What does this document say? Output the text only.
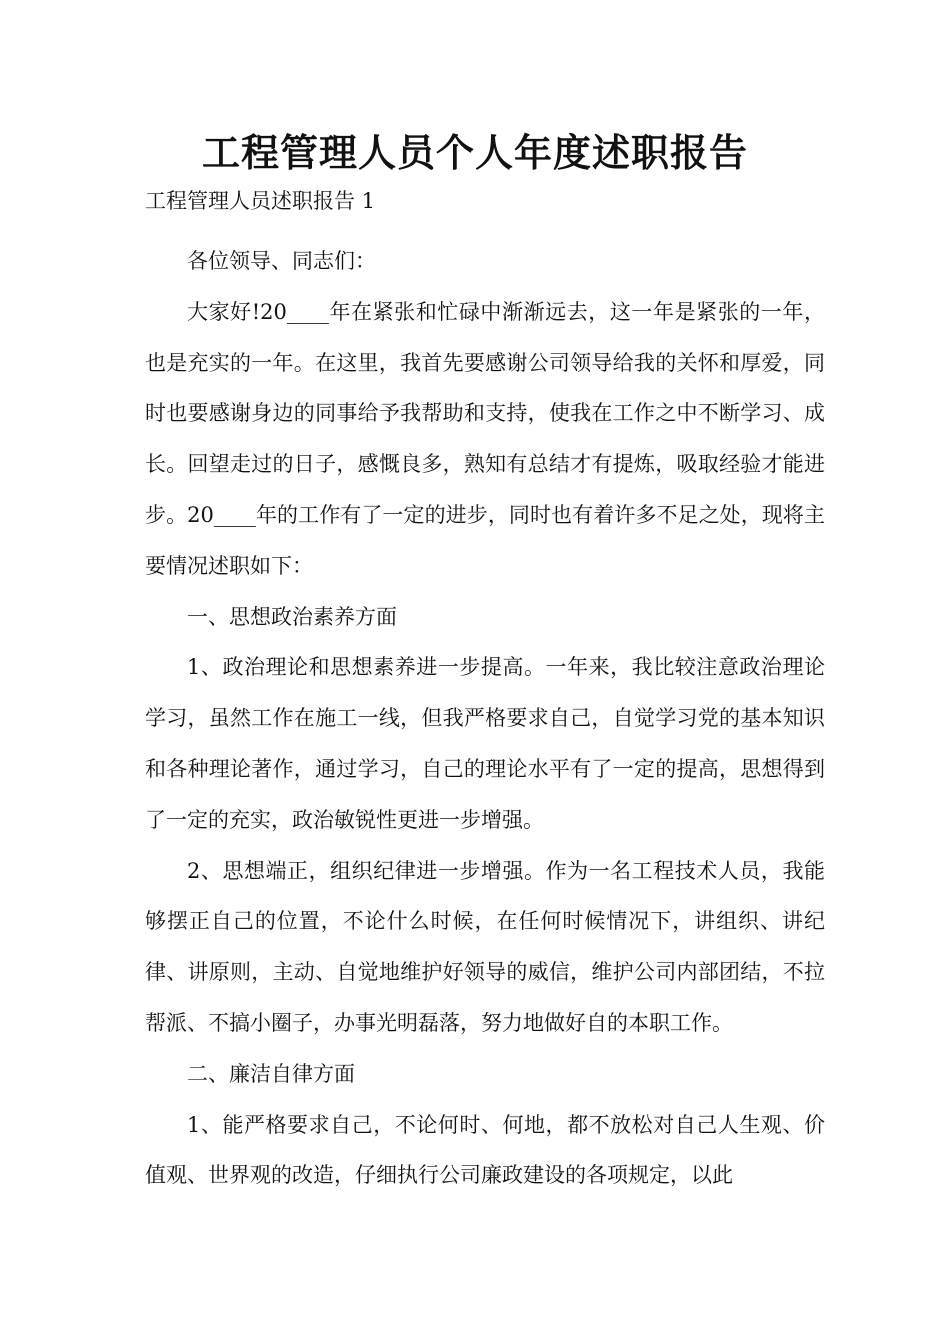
工程管理人员个人年度述职报告
工程管理人员述职报告 1

各位领导、同志们：

大家好!20____年在紧张和忙碌中渐渐远去，这一年是紧张的一年，也是充实的一年。在这里，我首先要感谢公司领导给我的关怀和厚爱，同时也要感谢身边的同事给予我帮助和支持，使我在工作之中不断学习、成长。回望走过的日子，感慨良多，熟知有总结才有提炼，吸取经验才能进步。20____年的工作有了一定的进步，同时也有着许多不足之处，现将主要情况述职如下：

一、思想政治素养方面

1、政治理论和思想素养进一步提高。一年来，我比较注意政治理论学习，虽然工作在施工一线，但我严格要求自己，自觉学习党的基本知识和各种理论著作，通过学习，自己的理论水平有了一定的提高，思想得到了一定的充实，政治敏锐性更进一步增强。

2、思想端正，组织纪律进一步增强。作为一名工程技术人员，我能够摆正自己的位置，不论什么时候，在任何时候情况下，讲组织、讲纪律、讲原则，主动、自觉地维护好领导的威信，维护公司内部团结，不拉帮派、不搞小圈子，办事光明磊落，努力地做好自的本职工作。

二、廉洁自律方面

1、能严格要求自己，不论何时、何地，都不放松对自己人生观、价值观、世界观的改造，仔细执行公司廉政建设的各项规定，以此
